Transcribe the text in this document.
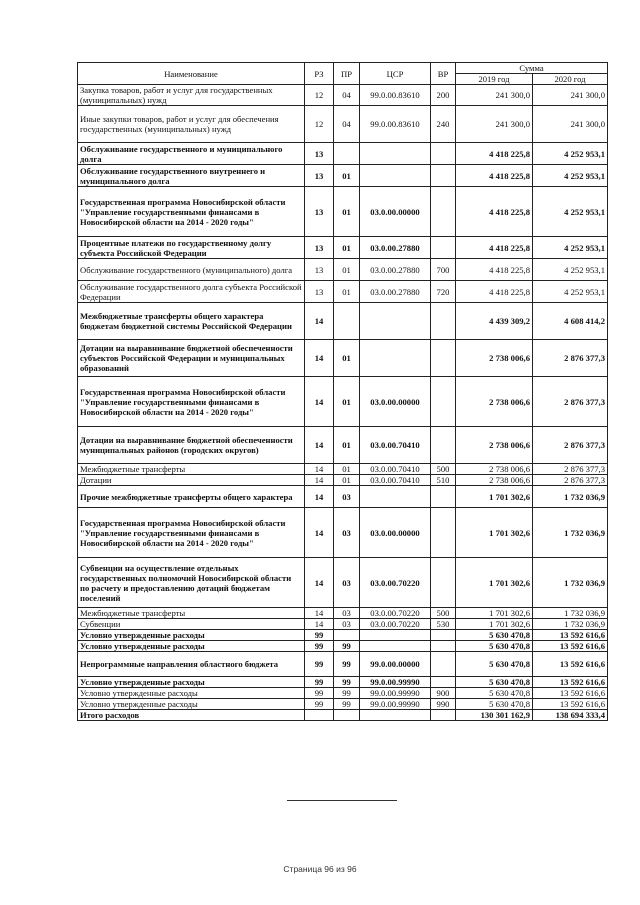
Наименование	РЗ	ПР	ЦСР	ВР	Сумма	
					2019 год	2020 год
Закупка товаров, работ и услуг для государственных (муниципальных) нужд	12	04	99.0.00.83610	200	241 300,0	241 300,0
Иные закупки товаров, работ и услуг для обеспечения государственных (муниципальных) нужд	12	04	99.0.00.83610	240	241 300,0	241 300,0
Обслуживание государственного и муниципального долга	13				4 418 225,8	4 252 953,1
Обслуживание государственного внутреннего и муниципального долга	13	01			4 418 225,8	4 252 953,1
Государственная программа Новосибирской области "Управление государственными финансами в Новосибирской области на 2014 - 2020 годы"	13	01	03.0.00.00000		4 418 225,8	4 252 953,1
Процентные платежи по государственному долгу субъекта Российской Федерации	13	01	03.0.00.27880		4 418 225,8	4 252 953,1
Обслуживание государственного (муниципального) долга	13	01	03.0.00.27880	700	4 418 225,8	4 252 953,1
Обслуживание государственного долга субъекта Российской Федерации	13	01	03.0.00.27880	720	4 418 225,8	4 252 953,1
Межбюджетные трансферты общего характера бюджетам бюджетной системы Российской Федерации	14				4 439 309,2	4 608 414,2
Дотации на выравнивание бюджетной обеспеченности субъектов Российской Федерации и муниципальных образований	14	01			2 738 006,6	2 876 377,3
Государственная программа Новосибирской области "Управление государственными финансами в Новосибирской области на 2014 - 2020 годы"	14	01	03.0.00.00000		2 738 006,6	2 876 377,3
Дотации на выравнивание бюджетной обеспеченности муниципальных районов (городских округов)	14	01	03.0.00.70410		2 738 006,6	2 876 377,3
Межбюджетные трансферты	14	01	03.0.00.70410	500	2 738 006,6	2 876 377,3
Дотации	14	01	03.0.00.70410	510	2 738 006,6	2 876 377,3
Прочие межбюджетные трансферты общего характера	14	03			1 701 302,6	1 732 036,9
Государственная программа Новосибирской области "Управление государственными финансами в Новосибирской области на 2014 - 2020 годы"	14	03	03.0.00.00000		1 701 302,6	1 732 036,9
Субвенции на осуществление отдельных государственных полномочий Новосибирской области по расчету и предоставлению дотаций бюджетам поселений	14	03	03.0.00.70220		1 701 302,6	1 732 036,9
Межбюджетные трансферты	14	03	03.0.00.70220	500	1 701 302,6	1 732 036,9
Субвенции	14	03	03.0.00.70220	530	1 701 302,6	1 732 036,9
Условно утвержденные расходы	99				5 630 470,8	13 592 616,6
Условно утвержденные расходы	99	99			5 630 470,8	13 592 616,6
Непрограммные направления областного бюджета	99	99	99.0.00.00000		5 630 470,8	13 592 616,6
Условно утвержденные расходы	99	99	99.0.00.99990		5 630 470,8	13 592 616,6
Условно утвержденные расходы	99	99	99.0.00.99990	900	5 630 470,8	13 592 616,6
Условно утвержденные расходы	99	99	99.0.00.99990	990	5 630 470,8	13 592 616,6
Итого расходов					130 301 162,9	138 694 333,4
Страница 96 из 96
